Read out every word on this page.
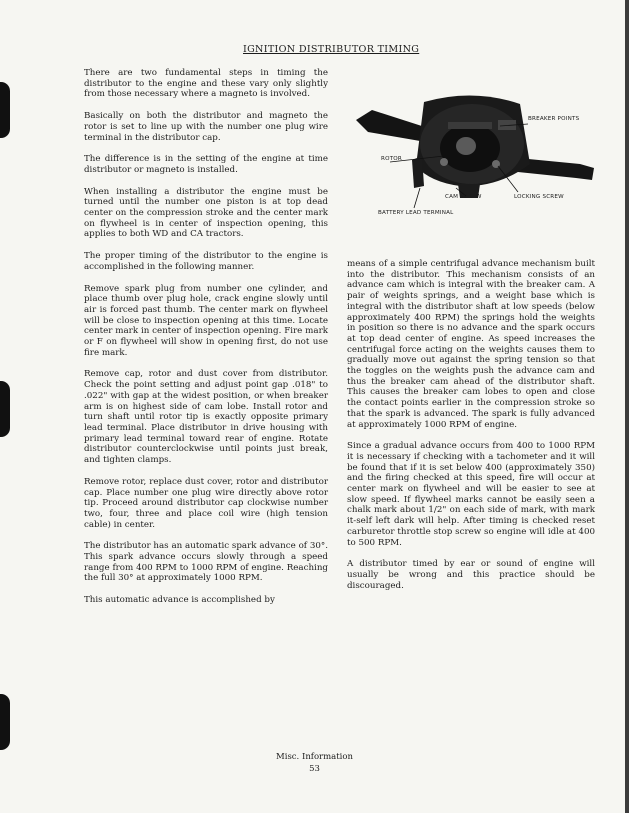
IGNITION DISTRIBUTOR TIMING

There are two fundamental steps in timing the distributor to the engine and these vary only slightly from those necessary where a magneto is involved.

Basically on both the distributor and magneto the rotor is set to line up with the number one plug wire terminal in the distributor cap.

The difference is in the setting of the engine at time distributor or magneto is installed.

When installing a distributor the engine must be turned until the number one piston is at top dead center on the compression stroke and the center mark on flywheel is in center of inspection opening, this applies to both WD and CA tractors.

The proper timing of the distributor to the engine is accomplished in the following manner.

Remove spark plug from number one cylinder, and place thumb over plug hole, crack engine slowly until air is forced past thumb. The center mark on flywheel will be close to inspection opening at this time. Locate center mark in center of inspection opening. Fire mark or F on flywheel will show in opening first, do not use fire mark.

Remove cap, rotor and dust cover from distributor. Check the point setting and adjust point gap .018" to .022" with gap at the widest position, or when breaker arm is on highest side of cam lobe. Install rotor and turn shaft until rotor tip is exactly opposite primary lead terminal. Place distributor in drive housing with primary lead terminal toward rear of engine. Rotate distributor counterclockwise until points just break, and tighten clamps.

Remove rotor, replace dust cover, rotor and distributor cap. Place number one plug wire directly above rotor tip. Proceed around distributor cap clockwise number two, four, three and place coil wire (high tension cable) in center.

The distributor has an automatic spark advance of 30°. This spark advance occurs slowly through a speed range from 400 RPM to 1000 RPM of engine. Reaching the full 30° at approximately 1000 RPM.

This automatic advance is accomplished by

BREAKER POINTS
ROTOR
CAM SCREW	LOCKING SCREW
BATTERY LEAD TERMINAL

means of a simple centrifugal advance mechanism built into the distributor. This mechanism consists of an advance cam which is integral with the breaker cam. A pair of weights springs, and a weight base which is integral with the distributor shaft at low speeds (below approximately 400 RPM) the springs hold the weights in position so there is no advance and the spark occurs at top dead center of engine. As speed increases the centrifugal force acting on the weights causes them to gradually move out against the spring tension so that the toggles on the weights push the advance cam and thus the breaker cam ahead of the distributor shaft. This causes the breaker cam lobes to open and close the contact points earlier in the compression stroke so that the spark is advanced. The spark is fully advanced at approximately 1000 RPM of engine.

Since a gradual advance occurs from 400 to 1000 RPM it is necessary if checking with a tachometer and it will be found that if it is set below 400 (approximately 350) and the firing checked at this speed, fire will occur at center mark on flywheel and will be easier to see at slow speed. If flywheel marks cannot be easily seen a chalk mark about 1/2" on each side of mark, with mark it-self left dark will help. After timing is checked reset carburetor throttle stop screw so engine will idle at 400 to 500 RPM.

A distributor timed by ear or sound of engine will usually be wrong and this practice should be discouraged.

Misc. Information
53
